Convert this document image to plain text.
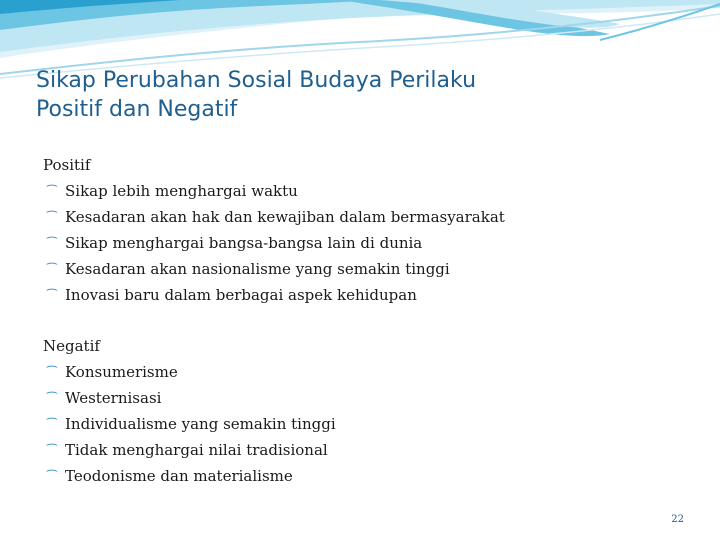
Sikap Perubahan Sosial Budaya Perilaku
Positif dan Negatif
Positif
⁀ Sikap lebih menghargai waktu
⁀ Kesadaran akan hak dan kewajiban dalam bermasyarakat
⁀ Sikap menghargai bangsa-bangsa lain di dunia
⁀ Kesadaran akan nasionalisme yang semakin tinggi
⁀ Inovasi baru dalam berbagai aspek kehidupan
Negatif
⁀ Konsumerisme
⁀ Westernisasi
⁀ Individualisme yang semakin tinggi
⁀ Tidak menghargai nilai tradisional
⁀ Teodonisme dan materialisme
22
